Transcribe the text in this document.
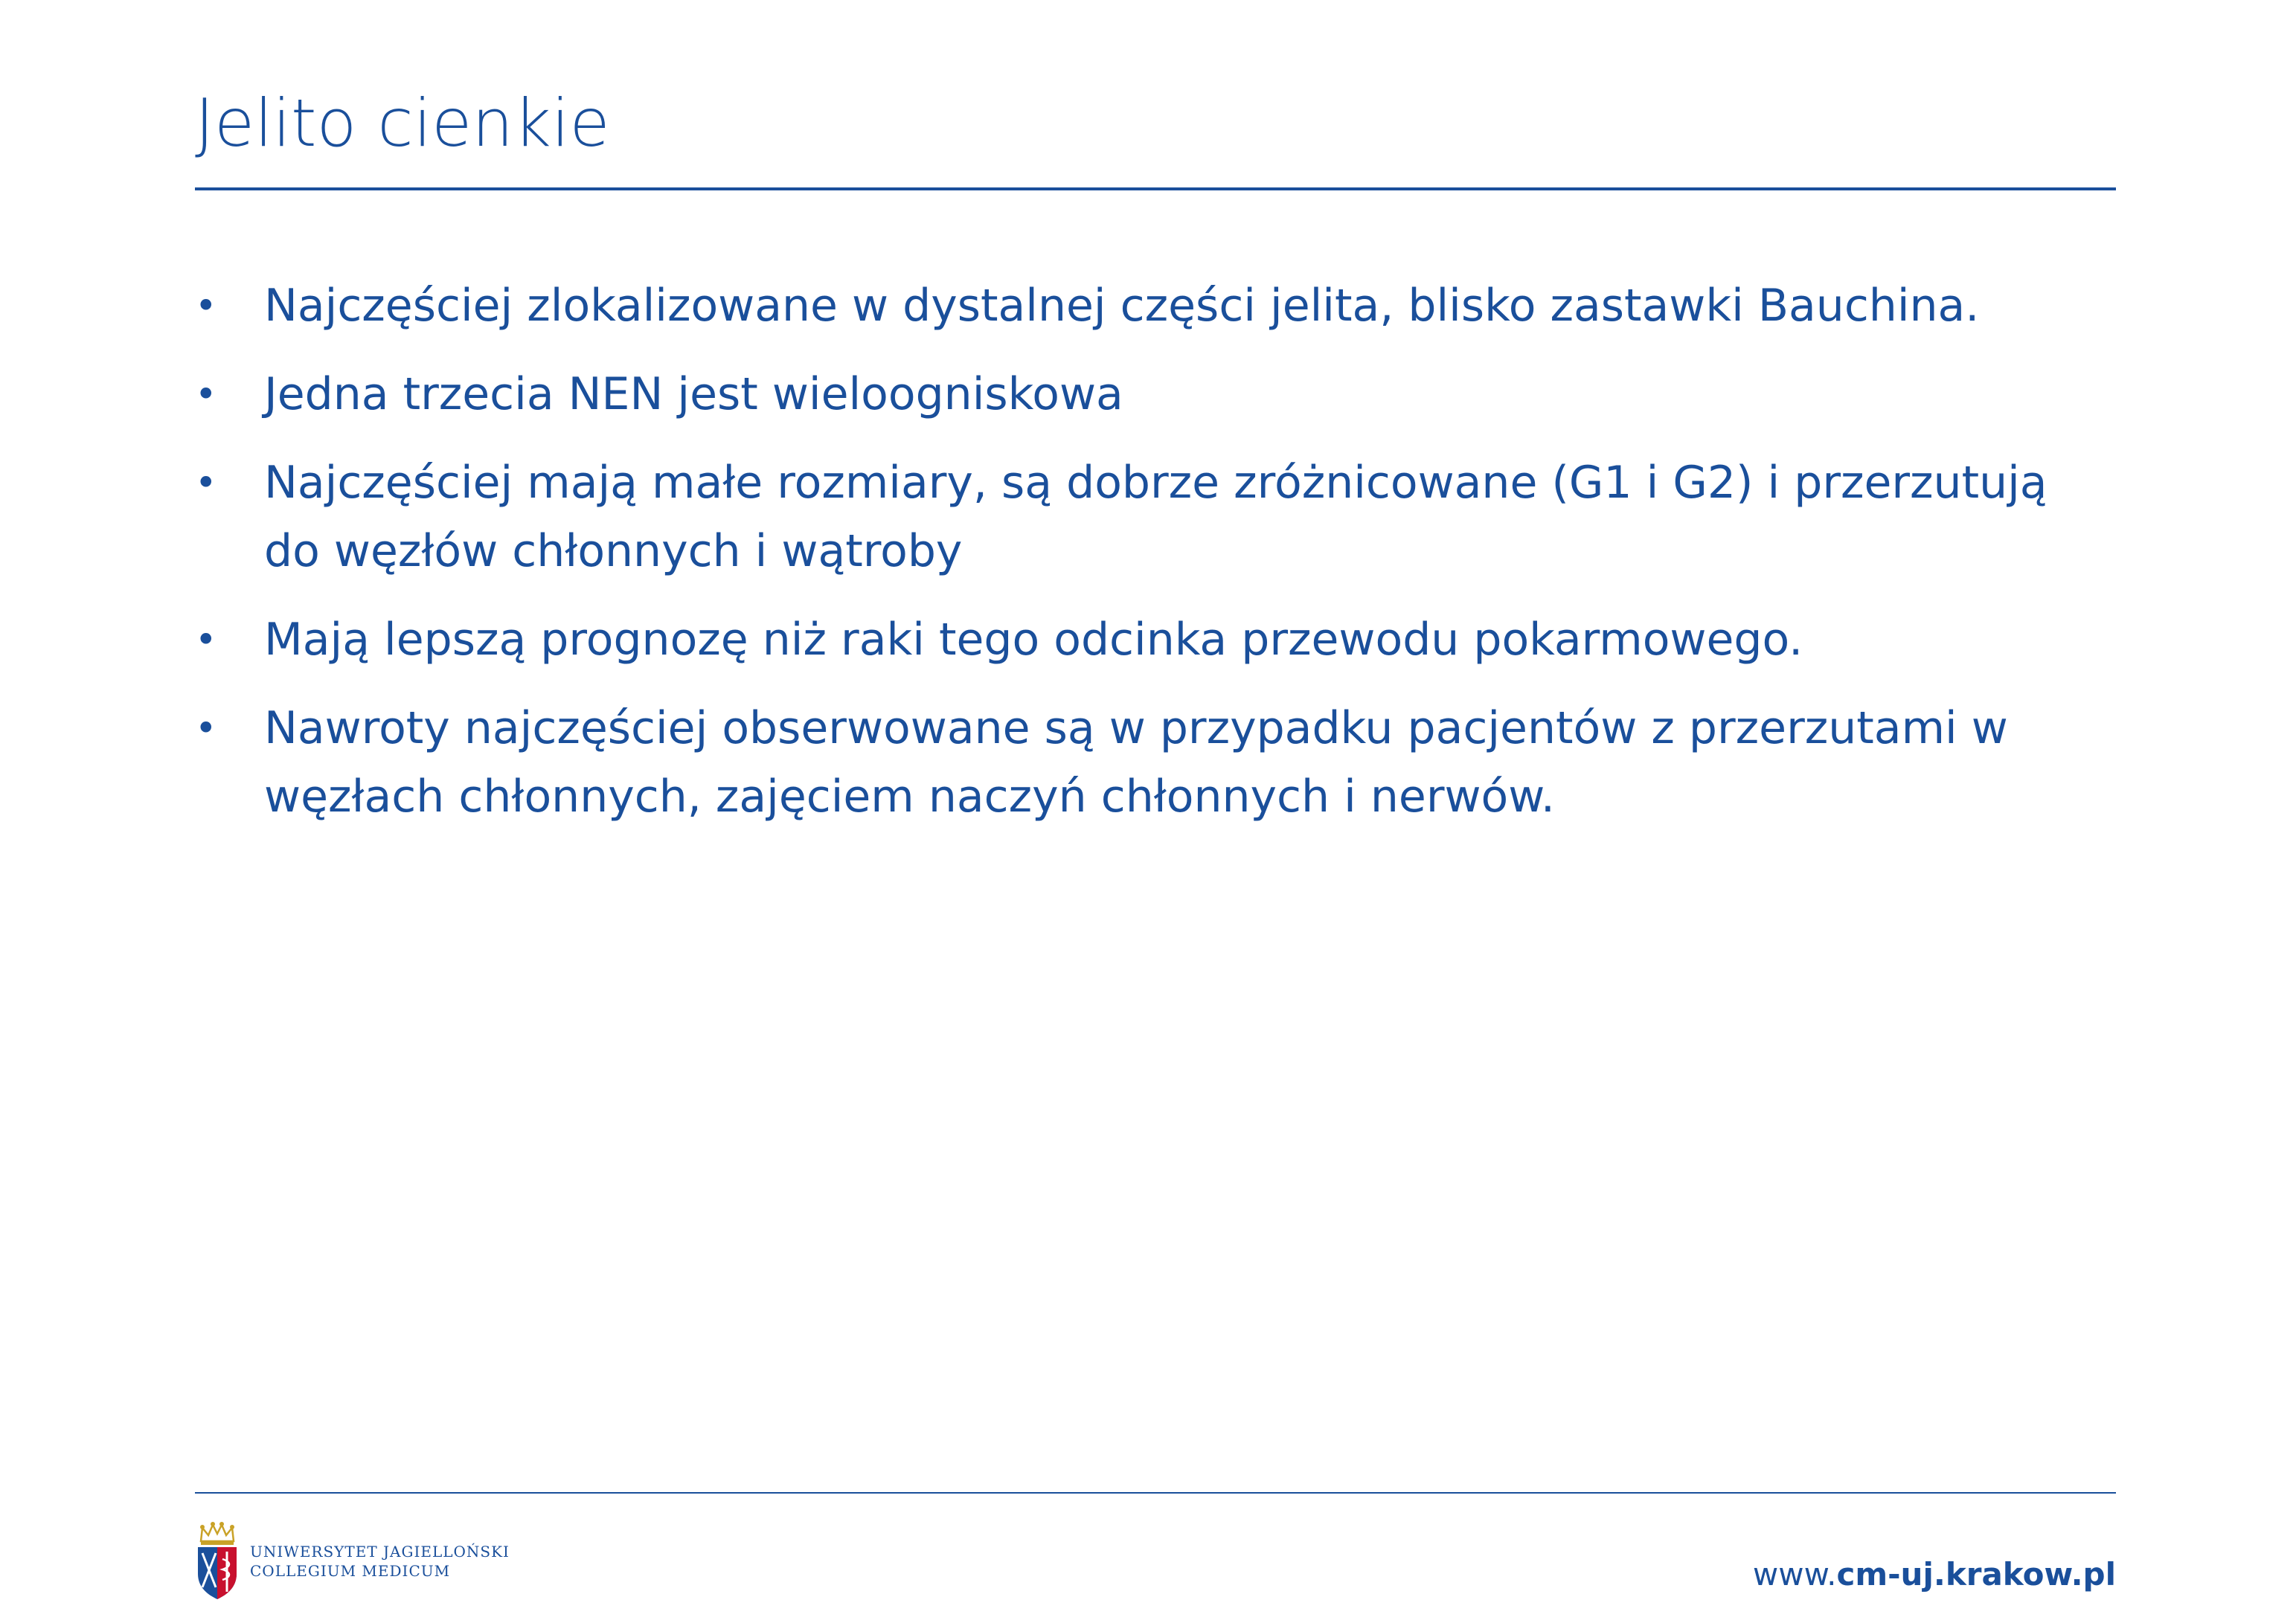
Jelito cienkie
• Najczęściej zlokalizowane w dystalnej części jelita, blisko zastawki Bauchina.
• Jedna trzecia NEN jest wieloogniskowa
• Najczęściej mają małe rozmiary, są dobrze zróżnicowane (G1 i G2) i przerzutują do węzłów chłonnych i wątroby
• Mają lepszą prognozę niż raki tego odcinka przewodu pokarmowego.
• Nawroty najczęściej obserwowane są w przypadku pacjentów z przerzutami w węzłach chłonnych, zajęciem naczyń chłonnych i nerwów.
UNIWERSYTET JAGIELLOŃSKI
COLLEGIUM MEDICUM	www.cm-uj.krakow.pl
